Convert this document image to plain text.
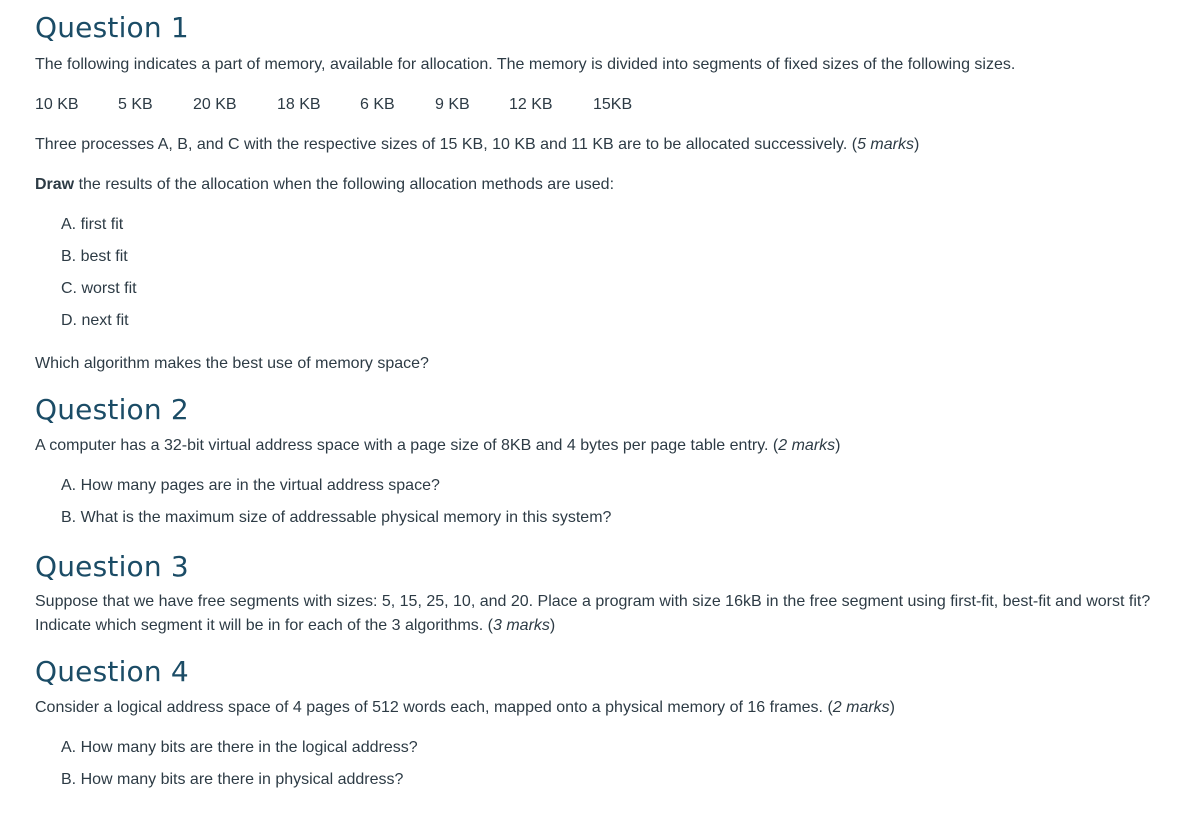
Question 1

The following indicates a part of memory, available for allocation. The memory is divided into segments of fixed sizes of the following sizes.

10 KB 5 KB	20 KB	18 KB 6 KB	9 KB 12 KB	15KB

Three processes A, B, and C with the respective sizes of 15 KB, 10 KB and 11 KB are to be allocated successively. (5 marks)

Draw the results of the allocation when the following allocation methods are used:

A. first fit
B. best fit
C. worst fit
D. next fit

Which algorithm makes the best use of memory space?

Question 2

A computer has a 32-bit virtual address space with a page size of 8KB and 4 bytes per page table entry. (2 marks)

A. How many pages are in the virtual address space?
B. What is the maximum size of addressable physical memory in this system?
Question 3

Suppose that we have free segments with sizes: 5, 15, 25, 10, and 20. Place a program with size 16kB in the free segment using first-fit, best-fit and worst fit?

Indicate which segment it will be in for each of the 3 algorithms. (3 marks)

Question 4

Consider a logical address space of 4 pages of 512 words each, mapped onto a physical memory of 16 frames. (2 marks)

A. How many bits are there in the logical address?
B. How many bits are there in physical address?
